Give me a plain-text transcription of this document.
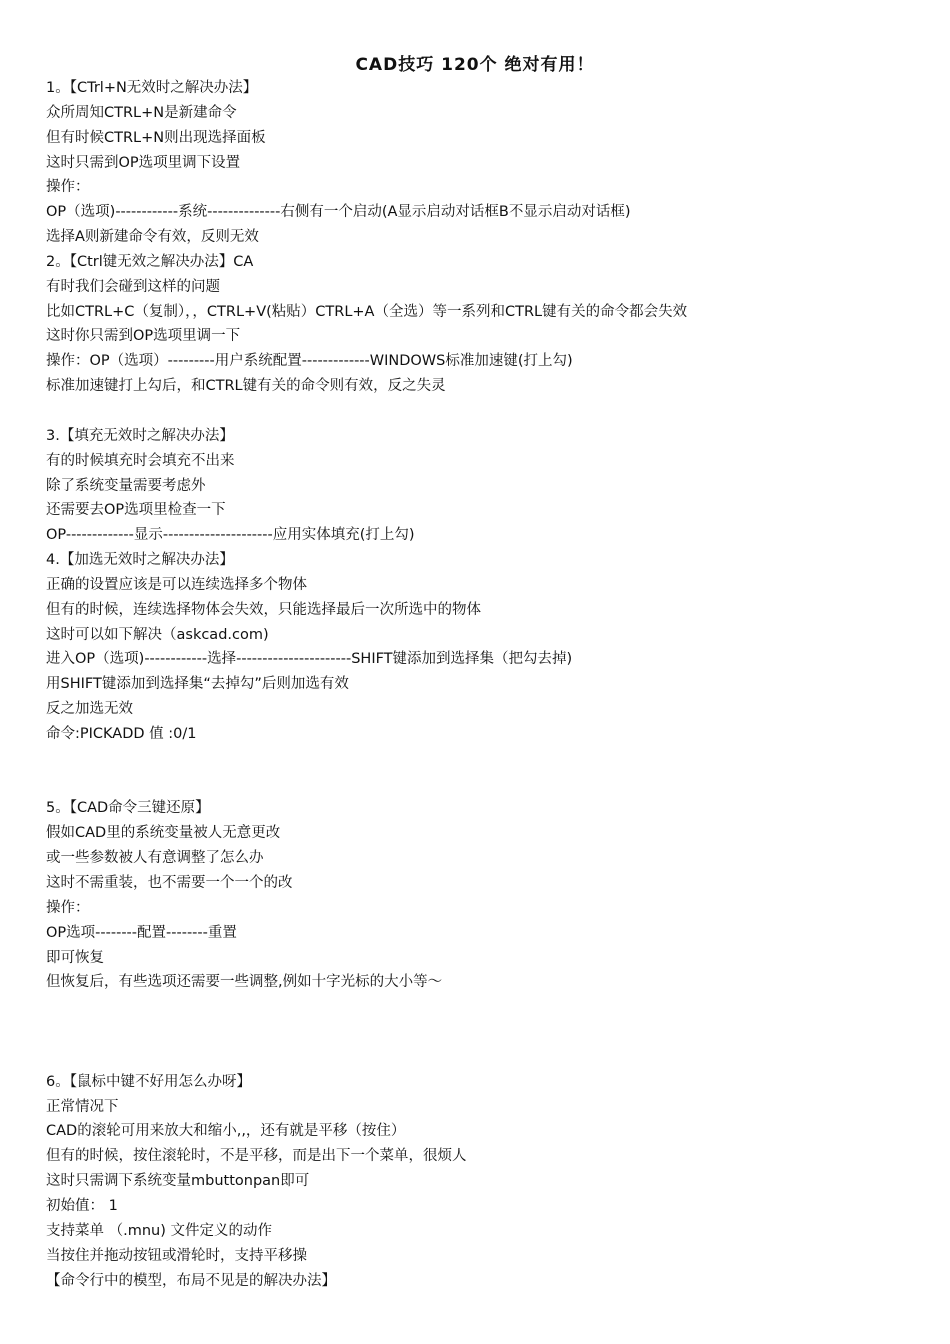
CAD技巧 120个 绝对有用！
1。【CTrl+N无效时之解决办法】
众所周知CTRL+N是新建命令
但有时候CTRL+N则出现选择面板
这时只需到OP选项里调下设置
操作：
OP（选项)------------系统--------------右侧有一个启动(A显示启动对话框B不显示启动对话框)
选择A则新建命令有效，反则无效
2。【Ctrl键无效之解决办法】CA
有时我们会碰到这样的问题
比如CTRL+C（复制），，CTRL+V(粘贴）CTRL+A（全选）等一系列和CTRL键有关的命令都会失效
这时你只需到OP选项里调一下
操作：OP（选项）---------用户系统配置-------------WINDOWS标准加速键(打上勾)
标准加速键打上勾后，和CTRL键有关的命令则有效，反之失灵
3.【填充无效时之解决办法】
有的时候填充时会填充不出来
除了系统变量需要考虑外
还需要去OP选项里检查一下
OP-------------显示---------------------应用实体填充(打上勾)
4.【加选无效时之解决办法】
正确的设置应该是可以连续选择多个物体
但有的时候，连续选择物体会失效，只能选择最后一次所选中的物体
这时可以如下解决（askcad.com)
进入OP（选项)------------选择----------------------SHIFT键添加到选择集（把勾去掉)
用SHIFT键添加到选择集“去掉勾”后则加选有效
反之加选无效
命令:PICKADD 值 :0/1
5。【CAD命令三键还原】
假如CAD里的系统变量被人无意更改
或一些参数被人有意调整了怎么办
这时不需重装，也不需要一个一个的改
操作：
OP选项--------配置--------重置
即可恢复
但恢复后，有些选项还需要一些调整,例如十字光标的大小等～
6。【鼠标中键不好用怎么办呀】
正常情况下
CAD的滚轮可用来放大和缩小,,，还有就是平移（按住）
但有的时候，按住滚轮时，不是平移，而是出下一个菜单，很烦人
这时只需调下系统变量mbuttonpan即可
初始值： 1
支持菜单 （.mnu) 文件定义的动作
当按住并拖动按钮或滑轮时，支持平移操
【命令行中的模型，布局不见是的解决办法】
